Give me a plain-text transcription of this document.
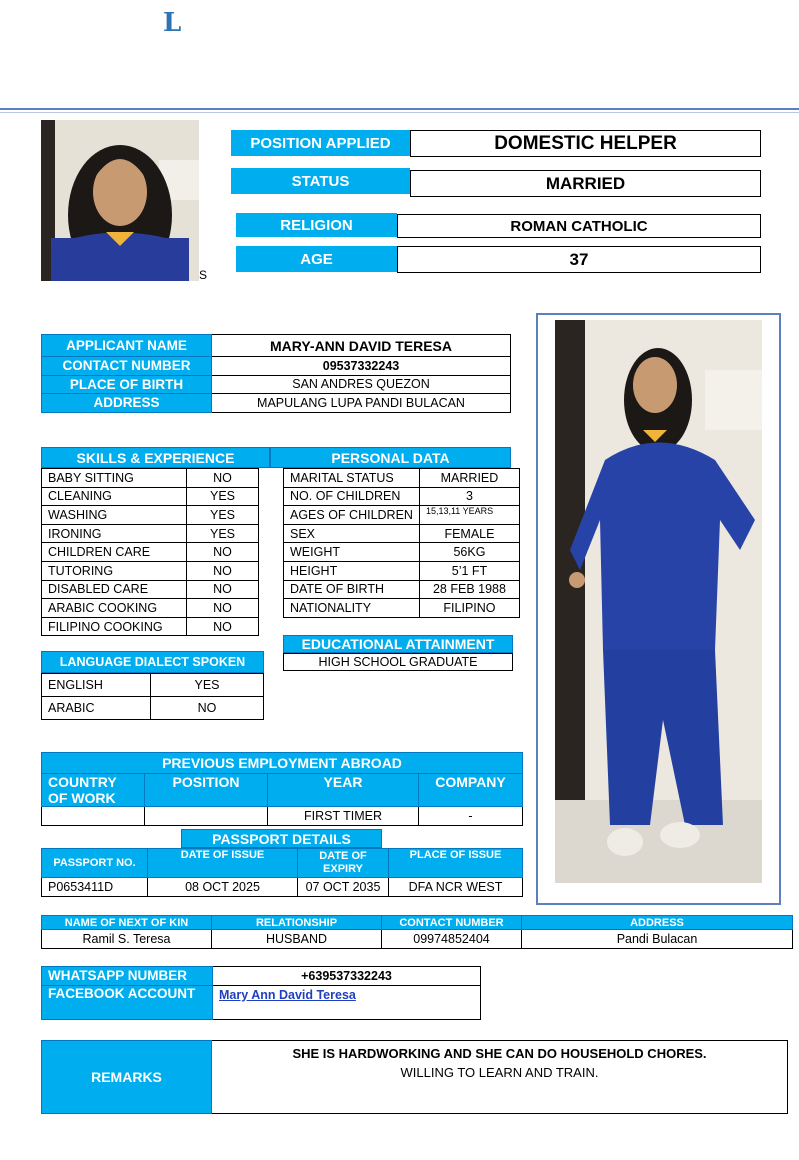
L
S
POSITION APPLIED	DOMESTIC HELPER
STATUS	MARRIED
RELIGION	ROMAN CATHOLIC
AGE	37
APPLICANT NAME	MARY-ANN DAVID TERESA
CONTACT NUMBER	09537332243
PLACE OF BIRTH	SAN ANDRES QUEZON
ADDRESS	MAPULANG LUPA PANDI BULACAN
SKILLS & EXPERIENCE	PERSONAL DATA
BABY SITTING	NO
CLEANING	YES
WASHING	YES
IRONING	YES
CHILDREN CARE	NO
TUTORING	NO
DISABLED CARE	NO
ARABIC COOKING	NO
FILIPINO COOKING	NO
MARITAL STATUS	MARRIED
NO. OF CHILDREN	3
AGES OF CHILDREN	15,13,11 YEARS
SEX	FEMALE
WEIGHT	56KG
HEIGHT	5’1 FT
DATE OF BIRTH	28 FEB 1988
NATIONALITY	FILIPINO
EDUCATIONAL ATTAINMENT
HIGH SCHOOL GRADUATE
LANGUAGE DIALECT SPOKEN
ENGLISH	YES
ARABIC	NO
PREVIOUS EMPLOYMENT ABROAD			
COUNTRY OF WORK	POSITION	YEAR	COMPANY
		FIRST TIMER	-
PASSPORT DETAILS
PASSPORT NO.	DATE OF ISSUE	DATE OF EXPIRY	PLACE OF ISSUE
P0653411D	08 OCT 2025	07 OCT 2035	DFA NCR WEST
NAME OF NEXT OF KIN	RELATIONSHIP	CONTACT NUMBER	ADDRESS
Ramil S. Teresa	HUSBAND	09974852404	Pandi Bulacan
WHATSAPP NUMBER	+639537332243
FACEBOOK ACCOUNT	Mary Ann David Teresa
REMARKS	
SHE IS HARDWORKING AND SHE CAN DO HOUSEHOLD CHORES.
WILLING TO LEARN AND TRAIN.
